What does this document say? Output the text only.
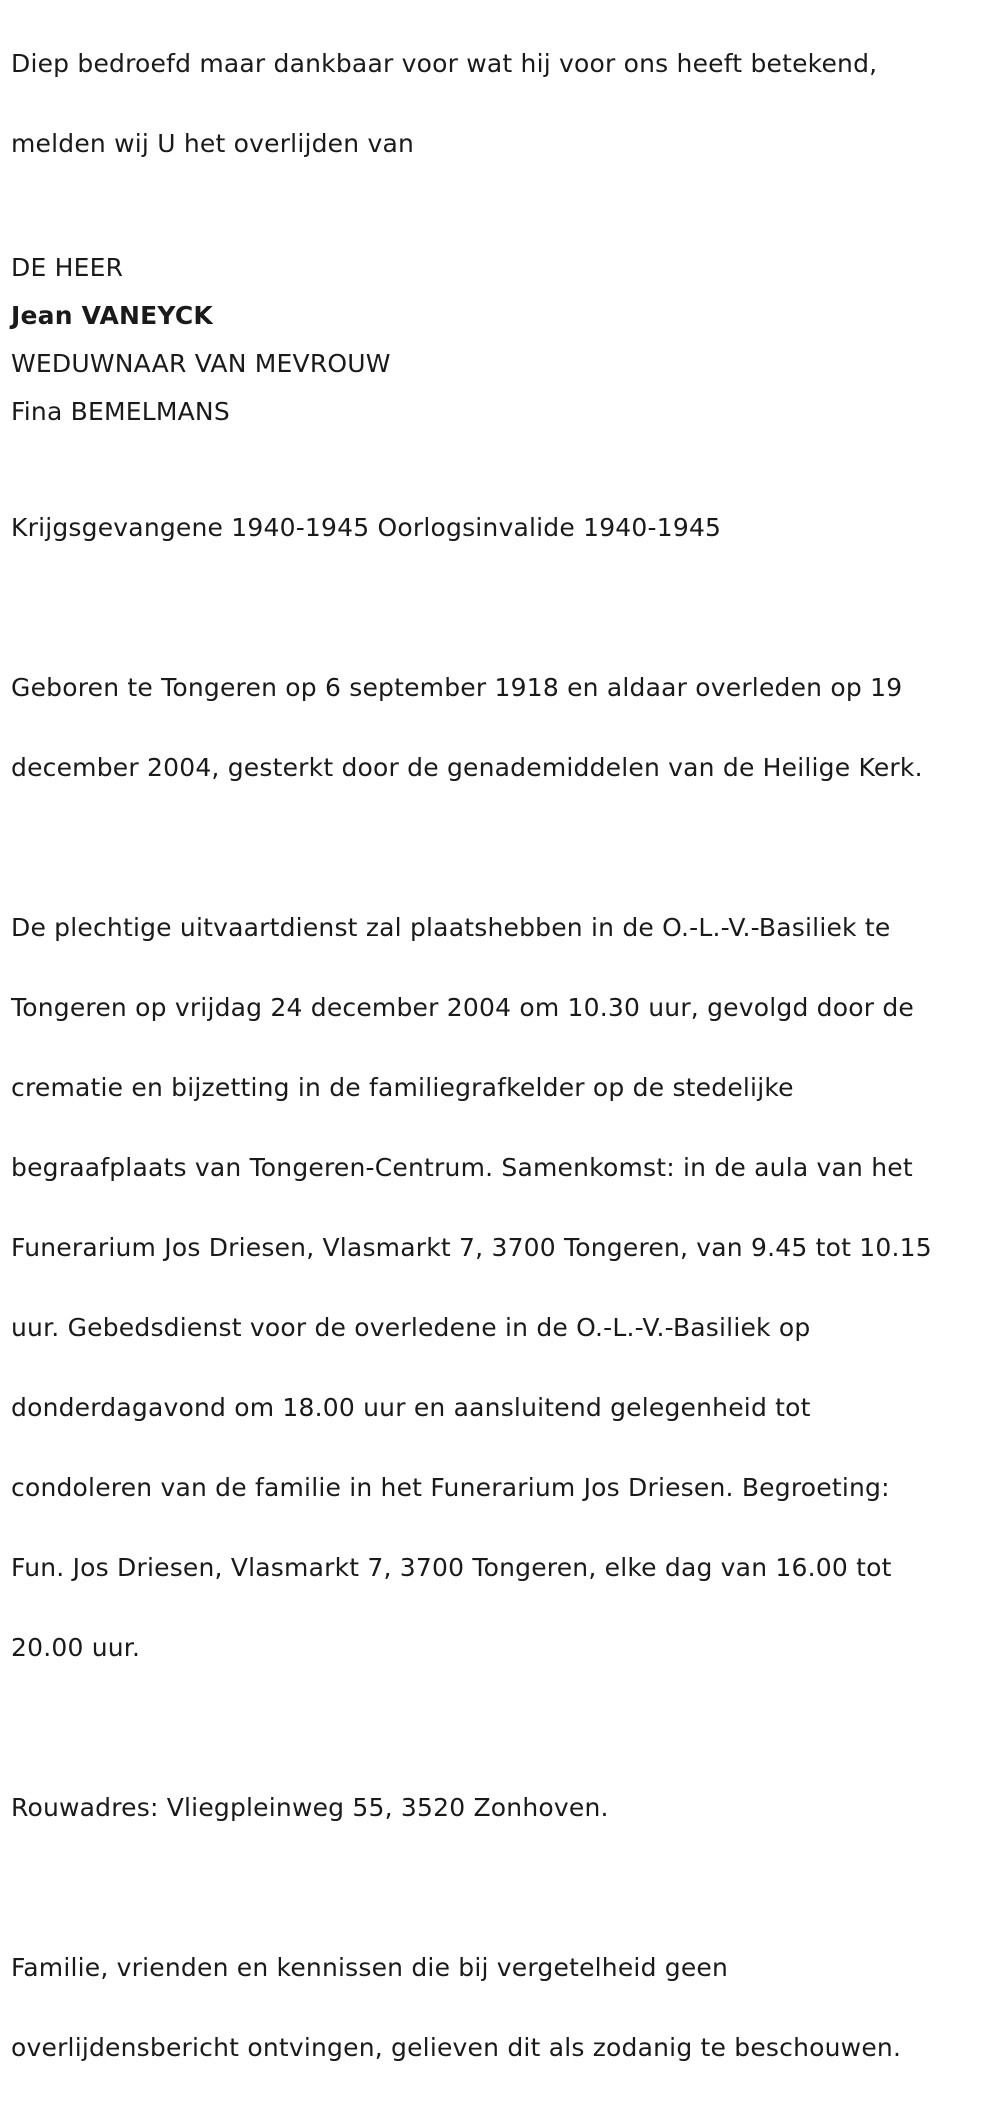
Diep bedroefd maar dankbaar voor wat hij voor ons heeft betekend,

melden wij U het overlijden van

DE HEER
Jean VANEYCK
WEDUWNAAR VAN MEVROUW
Fina BEMELMANS

Krijgsgevangene 1940-1945 Oorlogsinvalide 1940-1945

Geboren te Tongeren op 6 september 1918 en aldaar overleden op 19

december 2004, gesterkt door de genademiddelen van de Heilige Kerk.

De plechtige uitvaartdienst zal plaatshebben in de O.-L.-V.-Basiliek te

Tongeren op vrijdag 24 december 2004 om 10.30 uur, gevolgd door de

crematie en bijzetting in de familiegrafkelder op de stedelijke

begraafplaats van Tongeren-Centrum. Samenkomst: in de aula van het

Funerarium Jos Driesen, Vlasmarkt 7, 3700 Tongeren, van 9.45 tot 10.15

uur. Gebedsdienst voor de overledene in de O.-L.-V.-Basiliek op

donderdagavond om 18.00 uur en aansluitend gelegenheid tot

condoleren van de familie in het Funerarium Jos Driesen. Begroeting:

Fun. Jos Driesen, Vlasmarkt 7, 3700 Tongeren, elke dag van 16.00 tot

20.00 uur.

Rouwadres: Vliegpleinweg 55, 3520 Zonhoven.

Familie, vrienden en kennissen die bij vergetelheid geen

overlijdensbericht ontvingen, gelieven dit als zodanig te beschouwen.
